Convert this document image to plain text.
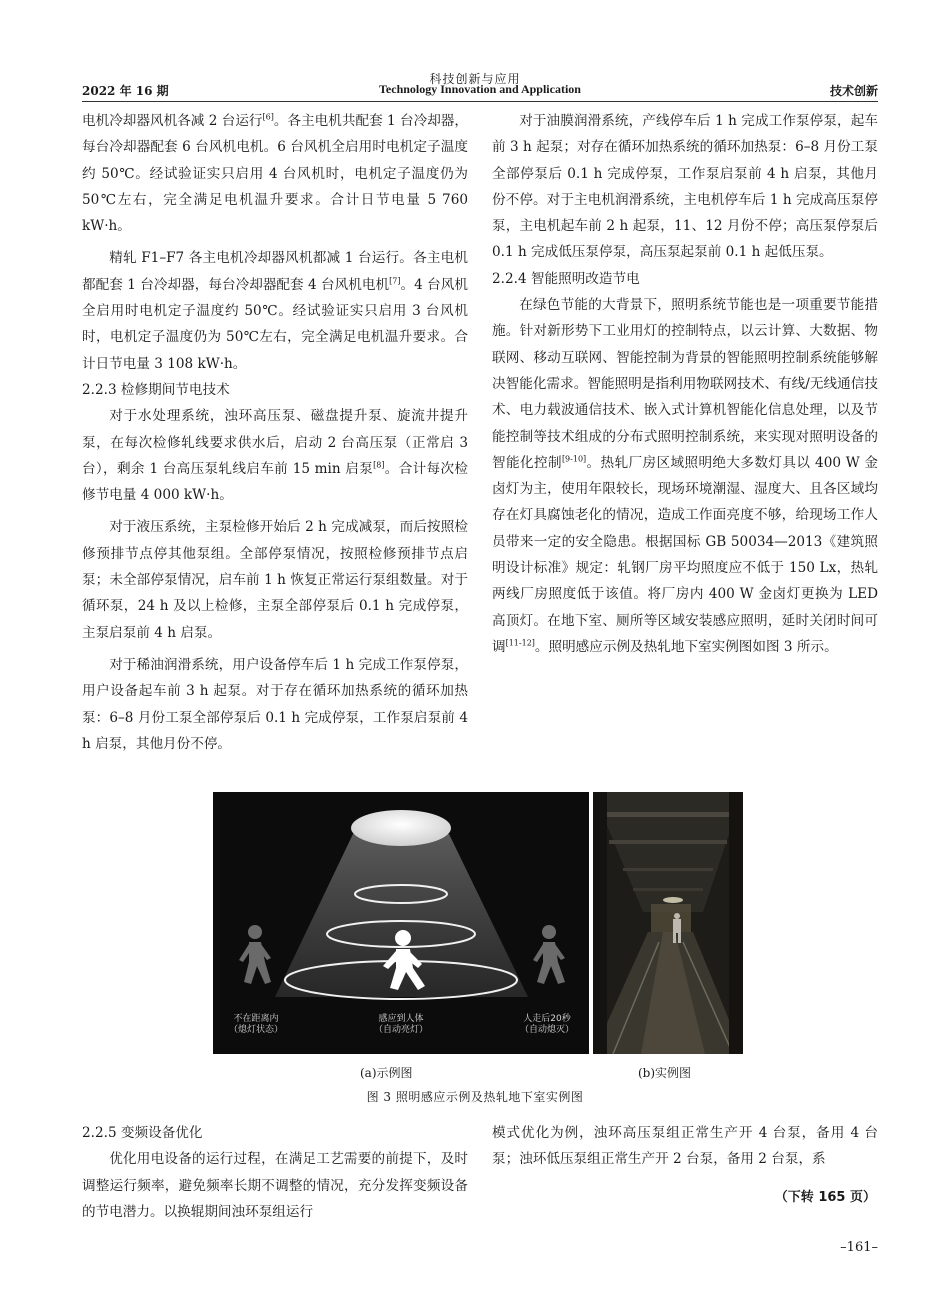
科技创新与应用
2022 年 16 期	Technology Innovation and Application	技术创新

电机冷却器风机各减 2 台运行[6]。各主电机共配套 1 台冷却器，每台冷却器配套 6 台风机电机。6 台风机全启用时电机定子温度约 50℃。经试验证实只启用 4 台风机时，电机定子温度仍为 50℃左右，完全满足电机温升要求。合计日节电量 5 760 kW·h。

精轧 F1–F7 各主电机冷却器风机都减 1 台运行。各主电机都配套 1 台冷却器，每台冷却器配套 4 台风机电机[7]。4 台风机全启用时电机定子温度约 50℃。经试验证实只启用 3 台风机时，电机定子温度仍为 50℃左右，完全满足电机温升要求。合计日节电量 3 108 kW·h。

2.2.3 检修期间节电技术

对于水处理系统，浊环高压泵、磁盘提升泵、旋流井提升泵，在每次检修轧线要求供水后，启动 2 台高压泵（正常启 3 台），剩余 1 台高压泵轧线启车前 15 min 启泵[8]。合计每次检修节电量 4 000 kW·h。

对于液压系统，主泵检修开始后 2 h 完成减泵，而后按照检修预排节点停其他泵组。全部停泵情况，按照检修预排节点启泵；未全部停泵情况，启车前 1 h 恢复正常运行泵组数量。对于循环泵，24 h 及以上检修，主泵全部停泵后 0.1 h 完成停泵，主泵启泵前 4 h 启泵。

对于稀油润滑系统，用户设备停车后 1 h 完成工作泵停泵，用户设备起车前 3 h 起泵。对于存在循环加热系统的循环加热泵：6–8 月份工泵全部停泵后 0.1 h 完成停泵，工作泵启泵前 4 h 启泵，其他月份不停。

对于油膜润滑系统，产线停车后 1 h 完成工作泵停泵，起车前 3 h 起泵；对存在循环加热系统的循环加热泵：6–8 月份工泵全部停泵后 0.1 h 完成停泵，工作泵启泵前 4 h 启泵，其他月份不停。对于主电机润滑系统，主电机停车后 1 h 完成高压泵停泵，主电机起车前 2 h 起泵，11、12 月份不停；高压泵停泵后 0.1 h 完成低压泵停泵，高压泵起泵前 0.1 h 起低压泵。

2.2.4 智能照明改造节电

在绿色节能的大背景下，照明系统节能也是一项重要节能措施。针对新形势下工业用灯的控制特点，以云计算、大数据、物联网、移动互联网、智能控制为背景的智能照明控制系统能够解决智能化需求。智能照明是指利用物联网技术、有线/无线通信技术、电力载波通信技术、嵌入式计算机智能化信息处理，以及节能控制等技术组成的分布式照明控制系统，来实现对照明设备的智能化控制[9-10]。热轧厂房区域照明绝大多数灯具以 400 W 金卤灯为主，使用年限较长，现场环境潮湿、湿度大、且各区域均存在灯具腐蚀老化的情况，造成工作面亮度不够，给现场工作人员带来一定的安全隐患。根据国标 GB 50034—2013《建筑照明设计标准》规定：轧钢厂房平均照度应不低于 150 Lx，热轧两线厂房照度低于该值。将厂房内 400 W 金卤灯更换为 LED 高顶灯。在地下室、厕所等区域安装感应照明，延时关闭时间可调[11-12]。照明感应示例及热轧地下室实例图如图 3 所示。

不在距离内
（熄灯状态）
感应到人体
（自动亮灯）
人走后20秒
（自动熄灭）
(a)示例图	(b)实例图
图 3 照明感应示例及热轧地下室实例图
2.2.5 变频设备优化

优化用电设备的运行过程，在满足工艺需要的前提下，及时调整运行频率，避免频率长期不调整的情况，充分发挥变频设备的节电潜力。以换辊期间浊环泵组运行

模式优化为例，浊环高压泵组正常生产开 4 台泵，备用 4 台泵；浊环低压泵组正常生产开 2 台泵，备用 2 台泵，系

（下转 165 页）
–161–
